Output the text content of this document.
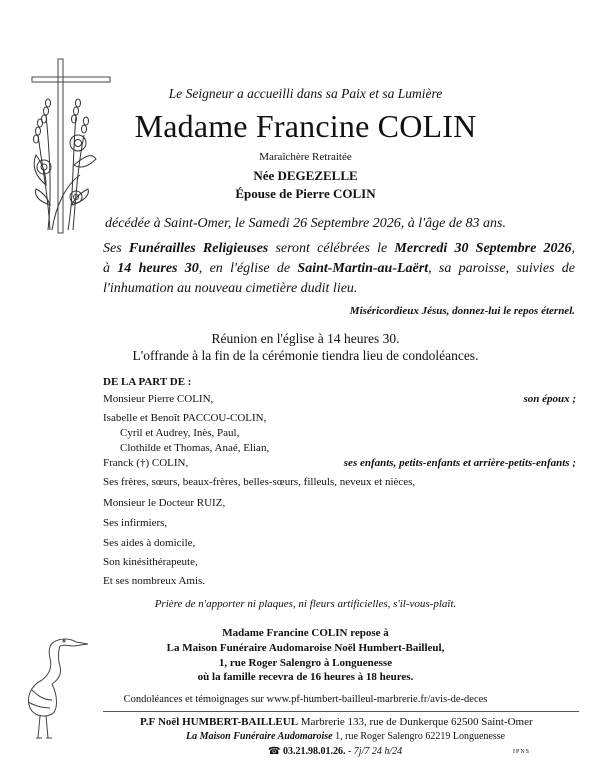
Le Seigneur a accueilli dans sa Paix et sa Lumière
Madame Francine COLIN
Maraîchère Retraitée
Née DEGEZELLE
Épouse de Pierre COLIN
décédée à Saint-Omer, le Samedi 26 Septembre 2026, à l'âge de 83 ans.
Ses Funérailles Religieuses seront célébrées le Mercredi 30 Septembre 2026,
à 14 heures 30, en l'église de Saint-Martin-au-Laërt, sa paroisse, suivies de
l'inhumation au nouveau cimetière dudit lieu.
Miséricordieux Jésus, donnez-lui le repos éternel.
Réunion en l'église à 14 heures 30.
L'offrande à la fin de la cérémonie tiendra lieu de condoléances.
DE LA PART DE :
Monsieur Pierre COLIN,	son époux ;
Isabelle et Benoît PACCOU-COLIN,
Cyril et Audrey, Inès, Paul,
Clothilde et Thomas, Anaé, Elian,
Franck (†) COLIN,	ses enfants, petits-enfants et arrière-petits-enfants ;
Ses frères, sœurs, beaux-frères, belles-sœurs, filleuls, neveux et nièces,
Monsieur le Docteur RUIZ,
Ses infirmiers,
Ses aides à domicile,
Son kinésithérapeute,
Et ses nombreux Amis.
Prière de n'apporter ni plaques, ni fleurs artificielles, s'il-vous-plaît.
Madame Francine COLIN repose à
La Maison Funéraire Audomaroise Noël Humbert-Bailleul,
1, rue Roger Salengro à Longuenesse
où la famille recevra de 16 heures à 18 heures.
Condoléances et témoignages sur www.pf-humbert-bailleul-marbrerie.fr/avis-de-deces
P.F Noël HUMBERT-BAILLEUL Marbrerie 133, rue de Dunkerque 62500 Saint-Omer
La Maison Funéraire Audomaroise 1, rue Roger Salengro 62219 Longuenesse
☎ 03.21.98.01.26. - 7j/7 24 h/24	IPNS
